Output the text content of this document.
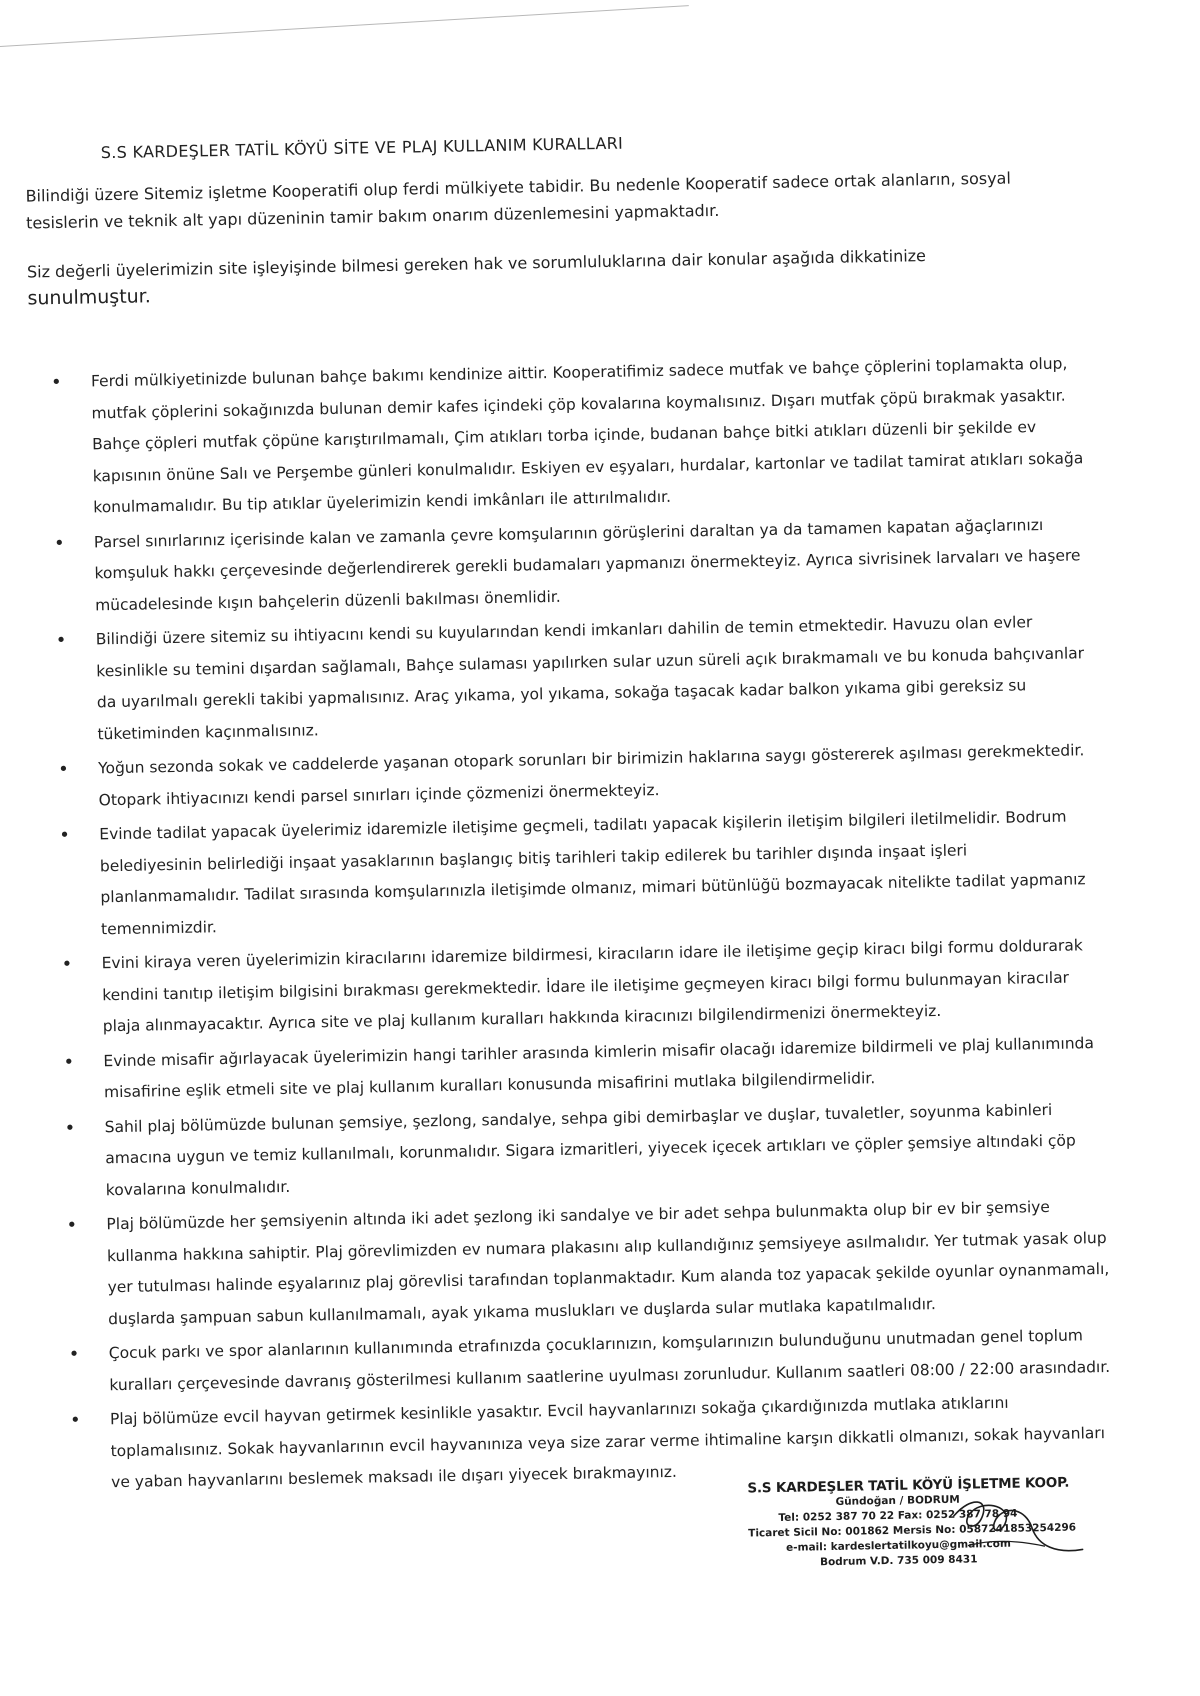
S.S KARDEŞLER TATİL KÖYÜ SİTE VE PLAJ KULLANIM KURALLARI

Bilindiği üzere Sitemiz işletme Kooperatifi olup ferdi mülkiyete tabidir. Bu nedenle Kooperatif sadece ortak alanların, sosyal tesislerin ve teknik alt yapı düzeninin tamir bakım onarım düzenlemesini yapmaktadır.

Siz değerli üyelerimizin site işleyişinde bilmesi gereken hak ve sorumluluklarına dair konular aşağıda dikkatinize
sunulmuştur.

• Ferdi mülkiyetinizde bulunan bahçe bakımı kendinize aittir. Kooperatifimiz sadece mutfak ve bahçe çöplerini toplamakta olup, mutfak çöplerini sokağınızda bulunan demir kafes içindeki çöp kovalarına koymalısınız. Dışarı mutfak çöpü bırakmak yasaktır. Bahçe çöpleri mutfak çöpüne karıştırılmamalı, Çim atıkları torba içinde, budanan bahçe bitki atıkları düzenli bir şekilde ev kapısının önüne Salı ve Perşembe günleri konulmalıdır. Eskiyen ev eşyaları, hurdalar, kartonlar ve tadilat tamirat atıkları sokağa konulmamalıdır. Bu tip atıklar üyelerimizin kendi imkânları ile attırılmalıdır.
• Parsel sınırlarınız içerisinde kalan ve zamanla çevre komşularının görüşlerini daraltan ya da tamamen kapatan ağaçlarınızı komşuluk hakkı çerçevesinde değerlendirerek gerekli budamaları yapmanızı önermekteyiz. Ayrıca sivrisinek larvaları ve haşere mücadelesinde kışın bahçelerin düzenli bakılması önemlidir.
• Bilindiği üzere sitemiz su ihtiyacını kendi su kuyularından kendi imkanları dahilin de temin etmektedir. Havuzu olan evler kesinlikle su temini dışardan sağlamalı, Bahçe sulaması yapılırken sular uzun süreli açık bırakmamalı ve bu konuda bahçıvanlar da uyarılmalı gerekli takibi yapmalısınız. Araç yıkama, yol yıkama, sokağa taşacak kadar balkon yıkama gibi gereksiz su tüketiminden kaçınmalısınız.
• Yoğun sezonda sokak ve caddelerde yaşanan otopark sorunları bir birimizin haklarına saygı göstererek aşılması gerekmektedir. Otopark ihtiyacınızı kendi parsel sınırları içinde çözmenizi önermekteyiz.
• Evinde tadilat yapacak üyelerimiz idaremizle iletişime geçmeli, tadilatı yapacak kişilerin iletişim bilgileri iletilmelidir. Bodrum belediyesinin belirlediği inşaat yasaklarının başlangıç bitiş tarihleri takip edilerek bu tarihler dışında inşaat işleri planlanmamalıdır. Tadilat sırasında komşularınızla iletişimde olmanız, mimari bütünlüğü bozmayacak nitelikte tadilat yapmanız temennimizdir.
• Evini kiraya veren üyelerimizin kiracılarını idaremize bildirmesi, kiracıların idare ile iletişime geçip kiracı bilgi formu doldurarak kendini tanıtıp iletişim bilgisini bırakması gerekmektedir. İdare ile iletişime geçmeyen kiracı bilgi formu bulunmayan kiracılar plaja alınmayacaktır. Ayrıca site ve plaj kullanım kuralları hakkında kiracınızı bilgilendirmenizi önermekteyiz.
• Evinde misafir ağırlayacak üyelerimizin hangi tarihler arasında kimlerin misafir olacağı idaremize bildirmeli ve plaj kullanımında misafirine eşlik etmeli site ve plaj kullanım kuralları konusunda misafirini mutlaka bilgilendirmelidir.
• Sahil plaj bölümüzde bulunan şemsiye, şezlong, sandalye, sehpa gibi demirbaşlar ve duşlar, tuvaletler, soyunma kabinleri amacına uygun ve temiz kullanılmalı, korunmalıdır. Sigara izmaritleri, yiyecek içecek artıkları ve çöpler şemsiye altındaki çöp kovalarına konulmalıdır.
• Plaj bölümüzde her şemsiyenin altında iki adet şezlong iki sandalye ve bir adet sehpa bulunmakta olup bir ev bir şemsiye kullanma hakkına sahiptir. Plaj görevlimizden ev numara plakasını alıp kullandığınız şemsiyeye asılmalıdır. Yer tutmak yasak olup yer tutulması halinde eşyalarınız plaj görevlisi tarafından toplanmaktadır. Kum alanda toz yapacak şekilde oyunlar oynanmamalı, duşlarda şampuan sabun kullanılmamalı, ayak yıkama muslukları ve duşlarda sular mutlaka kapatılmalıdır.
• Çocuk parkı ve spor alanlarının kullanımında etrafınızda çocuklarınızın, komşularınızın bulunduğunu unutmadan genel toplum kuralları çerçevesinde davranış gösterilmesi kullanım saatlerine uyulması zorunludur. Kullanım saatleri 08:00 / 22:00 arasındadır.
• Plaj bölümüze evcil hayvan getirmek kesinlikle yasaktır. Evcil hayvanlarınızı sokağa çıkardığınızda mutlaka atıklarını toplamalısınız. Sokak hayvanlarının evcil hayvanınıza veya size zarar verme ihtimaline karşın dikkatli olmanızı, sokak hayvanları ve yaban hayvanlarını beslemek maksadı ile dışarı yiyecek bırakmayınız.	S.S KARDEŞLER TATİL KÖYÜ İŞLETME KOOP.
Gündoğan / BODRUM
Tel: 0252 387 70 22 Fax: 0252 387 78 94
Ticaret Sicil No: 001862 Mersis No: 0587241853254296
e-mail: kardeslertatilkoyu@gmail.com
Bodrum V.D. 735 009 8431
